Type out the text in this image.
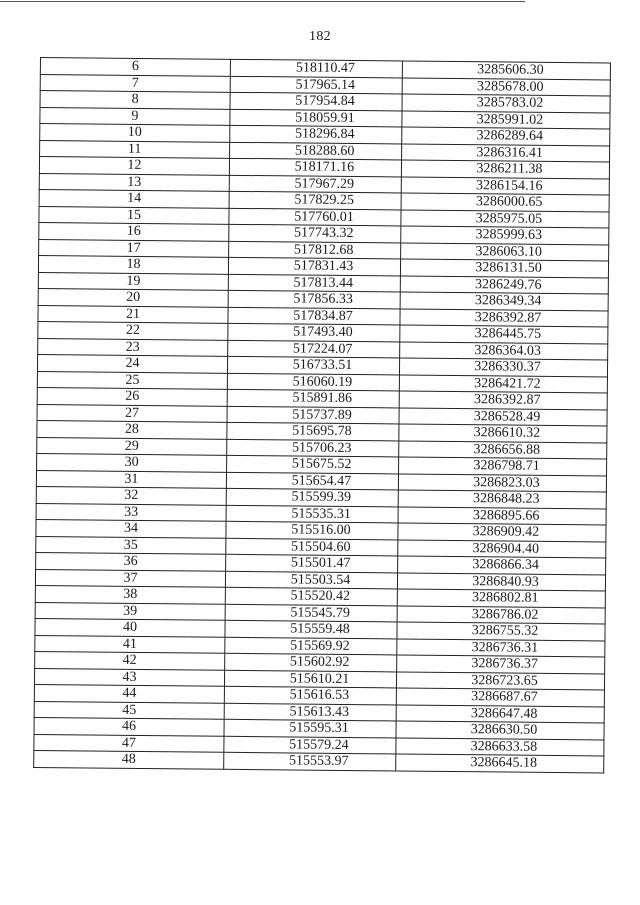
182
6	518110.47	3285606.30
7	517965.14	3285678.00
8	517954.84	3285783.02
9	518059.91	3285991.02
10	518296.84	3286289.64
11	518288.60	3286316.41
12	518171.16	3286211.38
13	517967.29	3286154.16
14	517829.25	3286000.65
15	517760.01	3285975.05
16	517743.32	3285999.63
17	517812.68	3286063.10
18	517831.43	3286131.50
19	517813.44	3286249.76
20	517856.33	3286349.34
21	517834.87	3286392.87
22	517493.40	3286445.75
23	517224.07	3286364.03
24	516733.51	3286330.37
25	516060.19	3286421.72
26	515891.86	3286392.87
27	515737.89	3286528.49
28	515695.78	3286610.32
29	515706.23	3286656.88
30	515675.52	3286798.71
31	515654.47	3286823.03
32	515599.39	3286848.23
33	515535.31	3286895.66
34	515516.00	3286909.42
35	515504.60	3286904.40
36	515501.47	3286866.34
37	515503.54	3286840.93
38	515520.42	3286802.81
39	515545.79	3286786.02
40	515559.48	3286755.32
41	515569.92	3286736.31
42	515602.92	3286736.37
43	515610.21	3286723.65
44	515616.53	3286687.67
45	515613.43	3286647.48
46	515595.31	3286630.50
47	515579.24	3286633.58
48	515553.97	3286645.18
